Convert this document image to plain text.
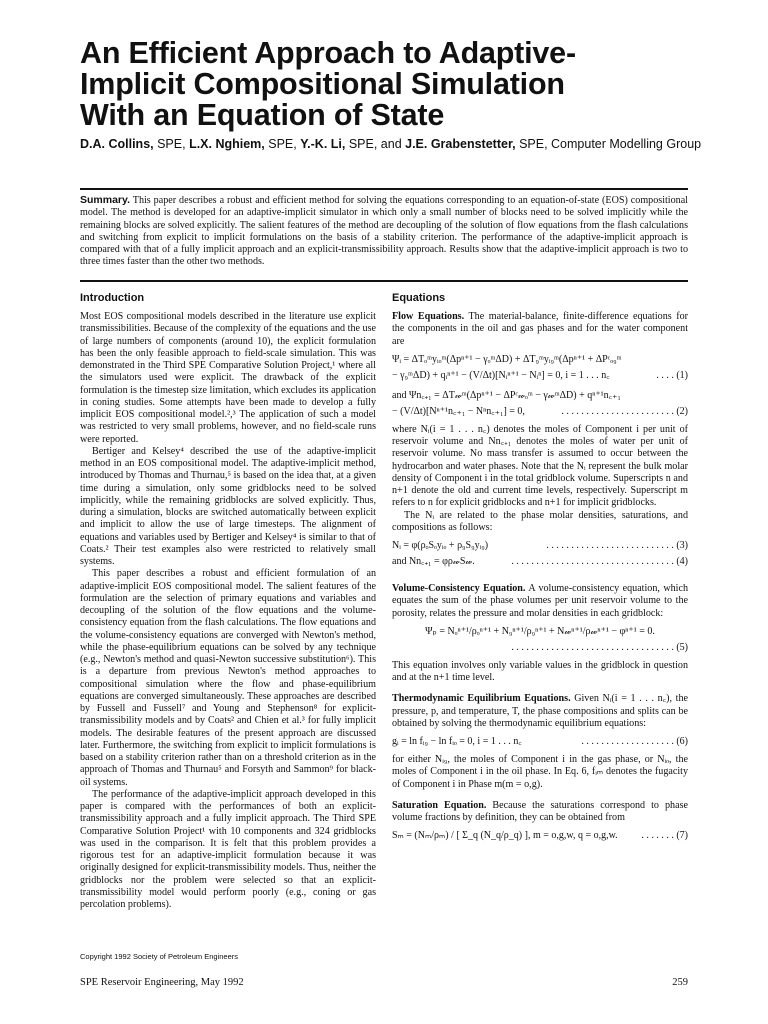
An Efficient Approach to Adaptive-
Implicit Compositional Simulation
With an Equation of State
D.A. Collins, SPE, L.X. Nghiem, SPE, Y.-K. Li, SPE, and J.E. Grabenstetter, SPE, Computer Modelling Group
Summary. This paper describes a robust and efficient method for solving the equations corresponding to an equation-of-state (EOS) compositional model. The method is developed for an adaptive-implicit simulator in which only a small number of blocks need to be solved implicitly while the remaining blocks are solved explicitly. The salient features of the method are decoupling of the solution of flow equations from the flash calculations and switching from explicit to implicit formulations on the basis of a stability criterion. The performance of the adaptive-implicit approach is compared with that of a fully implicit approach and an explicit-transmissibility approach. Results show that the adaptive-implicit approach is two to three times faster than the other two methods.
Introduction

Most EOS compositional models described in the literature use explicit transmissibilities. Because of the complexity of the equations and the use of large numbers of components (around 10), the explicit formulation has been the only feasible approach to field-scale simulation. This was demonstrated in the Third SPE Comparative Solution Project,¹ where all the simulators used were explicit. The drawback of the explicit formulation is the timestep size limitation, which excludes its application in coning studies. Some attempts have been made to develop a fully implicit EOS compositional model.²,³ The application of such a model was restricted to very small problems, however, and no field-scale runs were reported.

Bertiger and Kelsey⁴ described the use of the adaptive-implicit method in an EOS compositional model. The adaptive-implicit method, introduced by Thomas and Thurnau,⁵ is based on the idea that, at a given time during a simulation, only some gridblocks need to be solved implicitly, while the remaining gridblocks are solved explicitly. Thus, during a simulation, blocks are switched automatically between explicit and implicit to allow the use of large timesteps. The alignment of equations and variables used by Bertiger and Kelsey⁴ is similar to that of Coats.² Their test examples also were restricted to relatively small systems.

This paper describes a robust and efficient formulation of an adaptive-implicit EOS compositional model. The salient features of the formulation are the selection of primary equations and variables and decoupling of the solution of the flow equations and the volume-consistency equation from the flash calculations. The flow equations and the volume-consistency equations are converged with Newton's method, while the phase-equilibrium equations can be solved by any technique (e.g., Newton's method and quasi-Newton successive substitution⁶). This is a departure from previous Newton's method approaches to compositional simulation where the flow and phase-equilibrium equations are converged simultaneously. These approaches are described by Fussell and Fussell⁷ and Young and Stephenson⁸ for explicit-transmissibility models and by Coats² and Chien et al.³ for fully implicit models. The desirable features of the present approach are discussed later. Furthermore, the switching from explicit to implicit formulations is based on a stability criterion rather than on a threshold criterion as in the approach of Thomas and Thurnau⁵ and Forsyth and Sammon⁹ for black-oil systems.

The performance of the adaptive-implicit approach developed in this paper is compared with the performances of both an explicit-transmissibility approach and a fully implicit approach. The Third SPE Comparative Solution Project¹ with 10 components and 324 gridblocks was used in the comparison. It is felt that this problem provides a rigorous test for an adaptive-implicit formulation because it was originally designed for explicit-transmissibility models. Thus, neither the gridblocks nor the problem were selected so that an explicit-transmissibility model would perform poorly (e.g., coning or gas percolation problems).

Equations

Flow Equations. The material-balance, finite-difference equations for the components in the oil and gas phases and for the water component are

Ψᵢ = ΔTₒᵐyᵢₒᵐ(Δpⁿ⁺¹ − γₒᵐΔD) + ΔT₉ᵐyᵢ₉ᵐ(Δpⁿ⁺¹ + ΔPᶜₒ₉ᵐ
− γ₉ᵐΔD) + qᵢⁿ⁺¹ − (V/Δt)[Nᵢⁿ⁺¹ − Nᵢⁿ] = 0, i = 1 . . . n꜀	. . . . (1)
and Ψn꜀₊₁ = ΔT𝓌ᵐ(Δpⁿ⁺¹ − ΔPᶜ𝓌ₒᵐ − γ𝓌ᵐΔD) + qⁿ⁺¹n꜀₊₁
− (V/Δt)[Nⁿ⁺¹n꜀₊₁ − Nⁿn꜀₊₁] = 0,	. . . . . . . . . . . . . . . . . . . . . . . (2)

where Nᵢ(i = 1 . . . n꜀) denotes the moles of Component i per unit of reservoir volume and Nn꜀₊₁ denotes the moles of water per unit of reservoir volume. No mass transfer is assumed to occur between the hydrocarbon and water phases. Note that the Nᵢ represent the bulk molar density of Component i in the total gridblock volume. Superscripts n and n+1 denote the old and current time levels, respectively. Superscript m refers to n for explicit gridblocks and n+1 for implicit gridblocks.

The Nᵢ are related to the phase molar densities, saturations, and compositions as follows:

Nᵢ = φ(ρₒSₒyᵢₒ + ρ₉S₉yᵢ₉)	. . . . . . . . . . . . . . . . . . . . . . . . . . (3)
and Nn꜀₊₁ = φρ𝓌S𝓌.	. . . . . . . . . . . . . . . . . . . . . . . . . . . . . . . . . (4)

Volume-Consistency Equation. A volume-consistency equation, which equates the sum of the phase volumes per unit reservoir volume to the porosity, relates the pressure and molar densities in each gridblock:

Ψₚ = Nₒⁿ⁺¹/ρₒⁿ⁺¹ + N₉ⁿ⁺¹/ρ₉ⁿ⁺¹ + N𝓌ⁿ⁺¹/ρ𝓌ⁿ⁺¹ − φⁿ⁺¹ = 0.
. . . . . . . . . . . . . . . . . . . . . . . . . . . . . . . . . (5)

This equation involves only variable values in the gridblock in question and at the n+1 time level.

Thermodynamic Equilibrium Equations. Given Nᵢ(i = 1 . . . n꜀), the pressure, p, and temperature, T, the phase compositions and splits can be obtained by solving the thermodynamic equilibrium equations:

gᵢ = ln fᵢ₉ − ln fᵢₒ = 0, i = 1 . . . n꜀	. . . . . . . . . . . . . . . . . . . (6)

for either Nᵢ₉, the moles of Component i in the gas phase, or Nᵢₒ, the moles of Component i in the oil phase. In Eq. 6, fᵢₘ denotes the fugacity of Component i in Phase m(m = o,g).

Saturation Equation. Because the saturations correspond to phase volume fractions by definition, they can be obtained from

Sₘ = (Nₘ/ρₘ) / [ Σ_q (N_q/ρ_q) ], m = o,g,w, q = o,g,w. . . . . . . . (7)
Copyright 1992 Society of Petroleum Engineers
SPE Reservoir Engineering, May 1992	259
